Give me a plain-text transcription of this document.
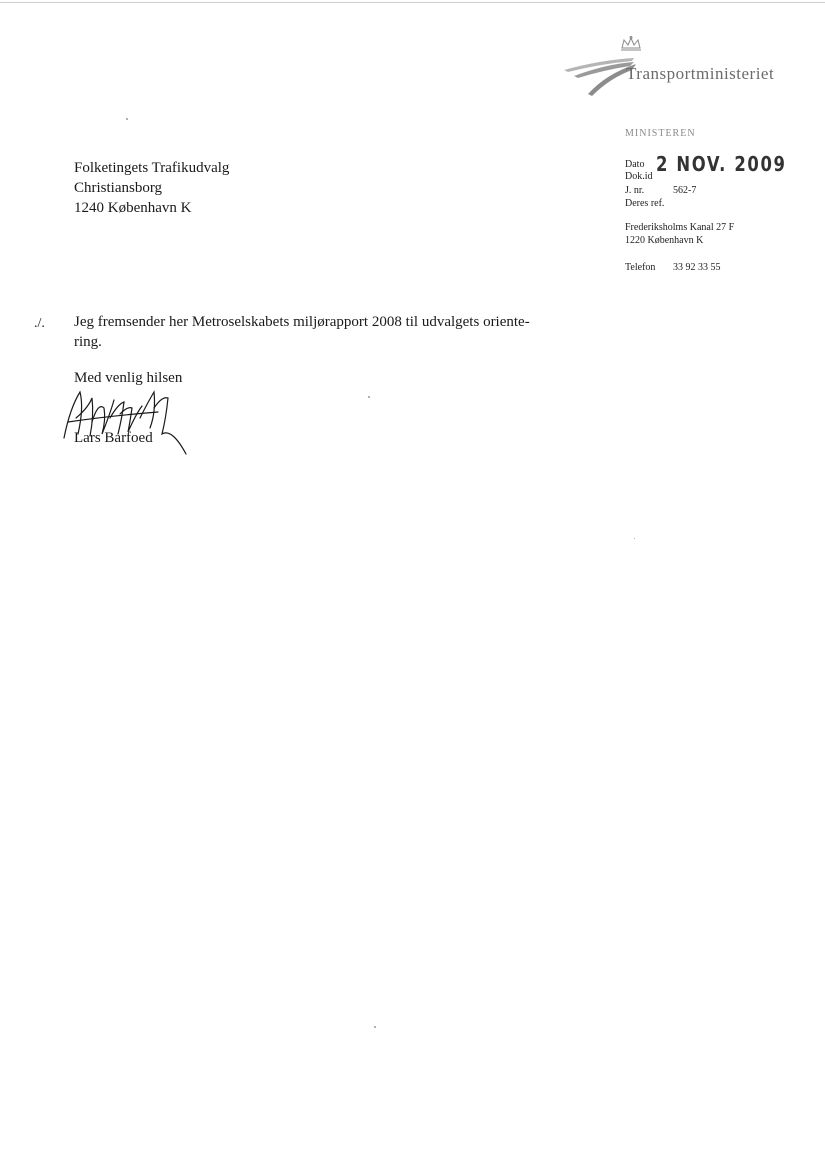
Transportministeriet
MINISTEREN
Dato 2 NOV. 2009
Dok.id
J. nr.	562-7
Deres ref.
Frederiksholms Kanal 27 F
1220 København K
Telefon 33 92 33 55
Folketingets Trafikudvalg
Christiansborg
1240 København K
./. Jeg fremsender her Metroselskabets miljørapport 2008 til udvalgets oriente-
ring.
Med venlig hilsen
Lars Barfoed
